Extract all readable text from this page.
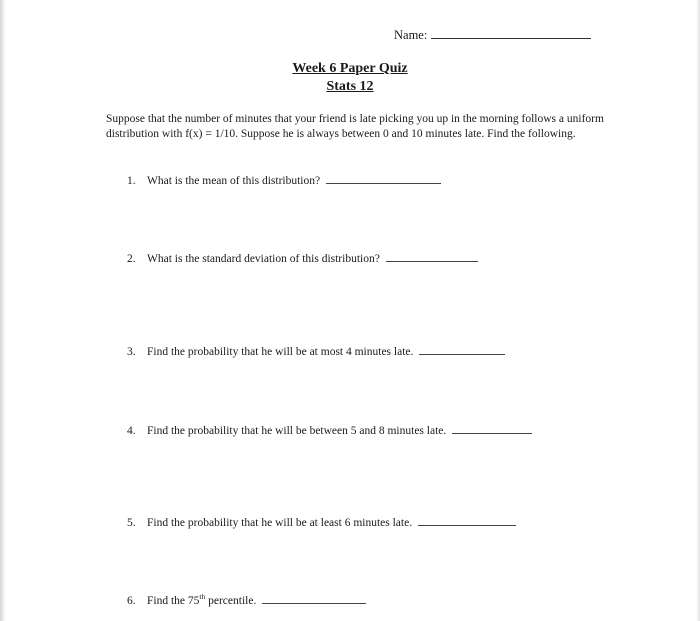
Name:
Week 6 Paper Quiz
Stats 12
Suppose that the number of minutes that your friend is late picking you up in the morning follows a uniform distribution with f(x) = 1/10. Suppose he is always between 0 and 10 minutes late. Find the following.
1. What is the mean of this distribution?
2. What is the standard deviation of this distribution?
3. Find the probability that he will be at most 4 minutes late.
4. Find the probability that he will be between 5 and 8 minutes late.
5. Find the probability that he will be at least 6 minutes late.
6. Find the 75th percentile.
